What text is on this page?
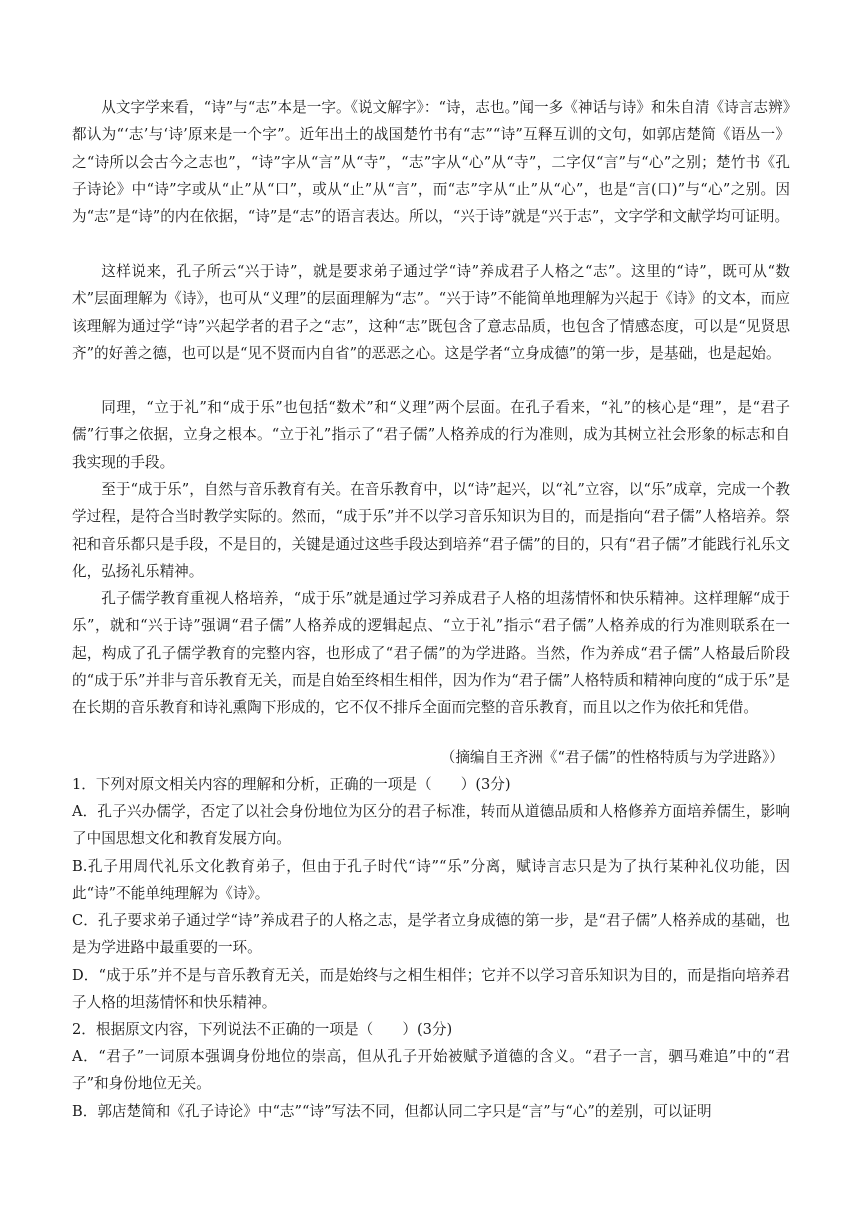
从文字学来看，“诗”与“志”本是一字。《说文解字》：“诗，志也。”闻一多《神话与诗》和朱自清《诗言志辨》都认为“‘志’与‘诗’原来是一个字”。近年出土的战国楚竹书有“志”“诗”互释互训的文句，如郭店楚简《语丛一》之“诗所以会古今之志也”，“诗”字从“言”从“寺”，“志”字从“心”从“寺”，二字仅“言”与“心”之别；楚竹书《孔子诗论》中“诗”字或从“止”从“口”，或从“止”从“言”，而“志”字从“止”从“心”，也是“言(口)”与“心”之别。因为“志”是“诗”的内在依据，“诗”是“志”的语言表达。所以，“兴于诗”就是“兴于志”，文字学和文献学均可证明。

这样说来，孔子所云“兴于诗”，就是要求弟子通过学“诗”养成君子人格之“志”。这里的“诗”，既可从“数术”层面理解为《诗》，也可从“义理”的层面理解为“志”。“兴于诗”不能简单地理解为兴起于《诗》的文本，而应该理解为通过学“诗”兴起学者的君子之“志”，这种“志”既包含了意志品质，也包含了情感态度，可以是“见贤思齐”的好善之德，也可以是“见不贤而内自省”的恶恶之心。这是学者“立身成德”的第一步，是基础，也是起始。

同理，“立于礼”和“成于乐”也包括“数术”和“义理”两个层面。在孔子看来，“礼”的核心是“理”，是“君子儒”行事之依据，立身之根本。“立于礼”指示了“君子儒”人格养成的行为准则，成为其树立社会形象的标志和自我实现的手段。

至于“成于乐”，自然与音乐教育有关。在音乐教育中，以“诗”起兴，以“礼”立容，以“乐”成章，完成一个教学过程，是符合当时教学实际的。然而，“成于乐”并不以学习音乐知识为目的，而是指向“君子儒”人格培养。祭祀和音乐都只是手段，不是目的，关键是通过这些手段达到培养“君子儒”的目的，只有“君子儒”才能践行礼乐文化，弘扬礼乐精神。

孔子儒学教育重视人格培养，“成于乐”就是通过学习养成君子人格的坦荡情怀和快乐精神。这样理解“成于乐”，就和“兴于诗”强调“君子儒”人格养成的逻辑起点、“立于礼”指示“君子儒”人格养成的行为准则联系在一起，构成了孔子儒学教育的完整内容，也形成了“君子儒”的为学进路。当然，作为养成“君子儒”人格最后阶段的“成于乐”并非与音乐教育无关，而是自始至终相生相伴，因为作为“君子儒”人格特质和精神向度的“成于乐”是在长期的音乐教育和诗礼熏陶下形成的，它不仅不排斥全面而完整的音乐教育，而且以之作为依托和凭借。

（摘编自王齐洲《“君子儒”的性格特质与为学进路》）

1．下列对原文相关内容的理解和分析，正确的一项是（　　）(3分)

A．孔子兴办儒学，否定了以社会身份地位为区分的君子标准，转而从道德品质和人格修养方面培养儒生，影响了中国思想文化和教育发展方向。

B.孔子用周代礼乐文化教育弟子，但由于孔子时代“诗”“乐”分离，赋诗言志只是为了执行某种礼仪功能，因此“诗”不能单纯理解为《诗》。

C．孔子要求弟子通过学“诗”养成君子的人格之志，是学者立身成德的第一步，是“君子儒”人格养成的基础，也是为学进路中最重要的一环。

D．“成于乐”并不是与音乐教育无关，而是始终与之相生相伴；它并不以学习音乐知识为目的，而是指向培养君子人格的坦荡情怀和快乐精神。

2．根据原文内容，下列说法不正确的一项是（　　）(3分)

A．“君子”一词原本强调身份地位的崇高，但从孔子开始被赋予道德的含义。“君子一言，驷马难追”中的“君子”和身份地位无关。

B．郭店楚简和《孔子诗论》中“志”“诗”写法不同，但都认同二字只是“言”与“心”的差别，可以证明
